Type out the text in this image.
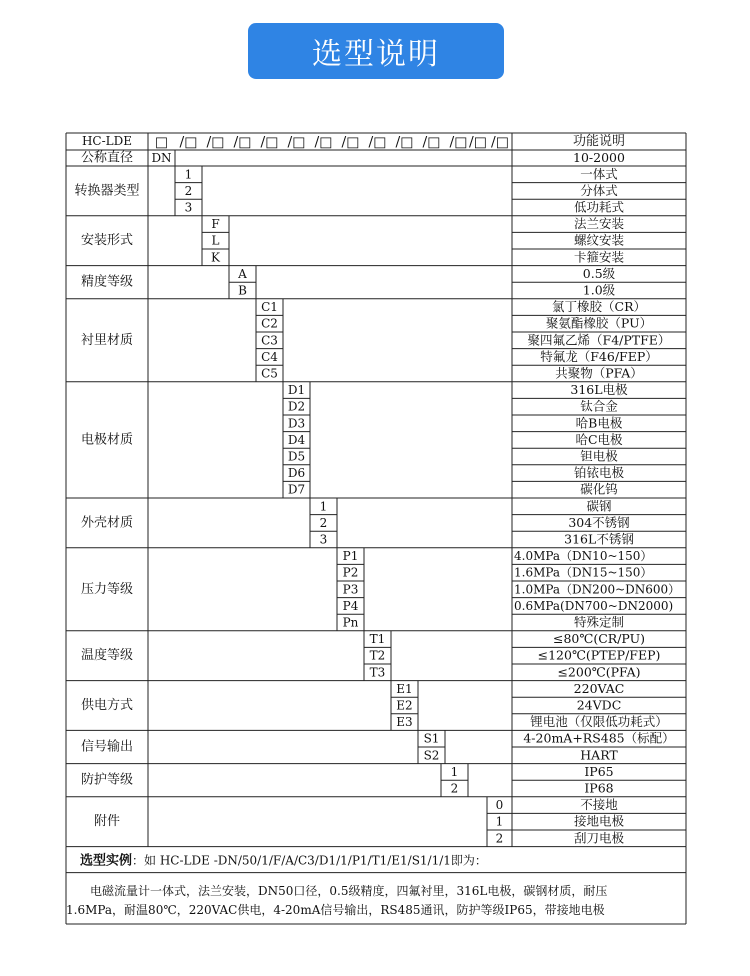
选型说明
HC-LDE □ /□ /□ /□ /□ /□ /□ /□ /□ /□ /□ /□ /□ /□	功能说明
公称直径 DN	10-2000
转换器类型
1	一体式
2	分体式
3	低功耗式
安装形式
F	法兰安装
L	螺纹安装
K	卡箍安装
精度等级
A	0.5级
B	1.0级
衬里材质
C1	氯丁橡胶（CR）
C2	聚氨酯橡胶（PU）
C3	聚四氟乙烯（F4/PTFE）
C4	特氟龙（F46/FEP）
C5	共聚物（PFA）
电极材质
D1	316L电极
D2	钛合金
D3	哈B电极
D4	哈C电极
D5	钽电极
D6	铂铱电极
D7	碳化钨
外壳材质
1	碳钢
2	304不锈钢
3	316L不锈钢
压力等级
P1	4.0MPa（DN10~150）
P2	1.6MPa（DN15~150）
P3	1.0MPa（DN200~DN600）
P4	0.6MPa(DN700~DN2000)
Pn	特殊定制
温度等级
T1	≤80℃(CR/PU)
T2	≤120℃(PTEP/FEP)
T3	≤200℃(PFA)
供电方式
E1	220VAC
E2	24VDC
E3	锂电池（仅限低功耗式）
信号输出
S1	4-20mA+RS485（标配）
S2	HART
防护等级
1	IP65
2	IP68
附件
0	不接地
1	接地电极
2	刮刀电极
选型实例：如 HC-LDE -DN/50/1/F/A/C3/D1/1/P1/T1/E1/S1/1/1即为：
电磁流量计一体式，法兰安装，DN50口径，0.5级精度，四氟衬里，316L电极，碳钢材质，耐压
1.6MPa，耐温80℃，220VAC供电，4-20mA信号输出，RS485通讯，防护等级IP65，带接地电极
